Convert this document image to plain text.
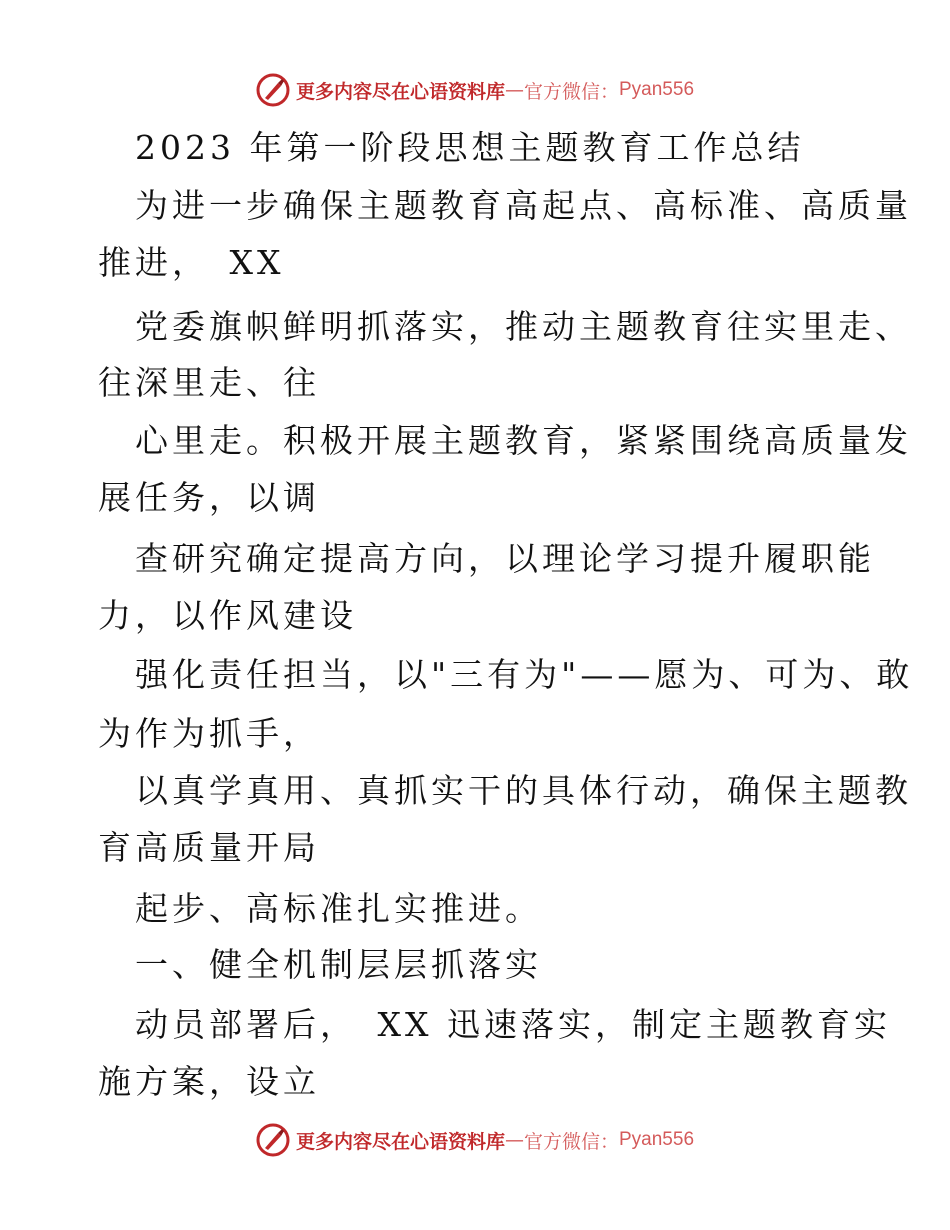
更多内容尽在心语资料库 — 官方微信： Pyan556
2023 年第一阶段思想主题教育工作总结
为进一步确保主题教育高起点、高标准、高质量
推进，　XX
党委旗帜鲜明抓落实，推动主题教育往实里走、
往深里走、往
心里走。积极开展主题教育，紧紧围绕高质量发
展任务，以调
查研究确定提高方向，以理论学习提升履职能
力，以作风建设
强化责任担当，以"三有为"——愿为、可为、敢
为作为抓手，
以真学真用、真抓实干的具体行动，确保主题教
育高质量开局
起步、高标准扎实推进。
一、健全机制层层抓落实
动员部署后，　XX 迅速落实，制定主题教育实
施方案，设立
更多内容尽在心语资料库 — 官方微信： Pyan556
